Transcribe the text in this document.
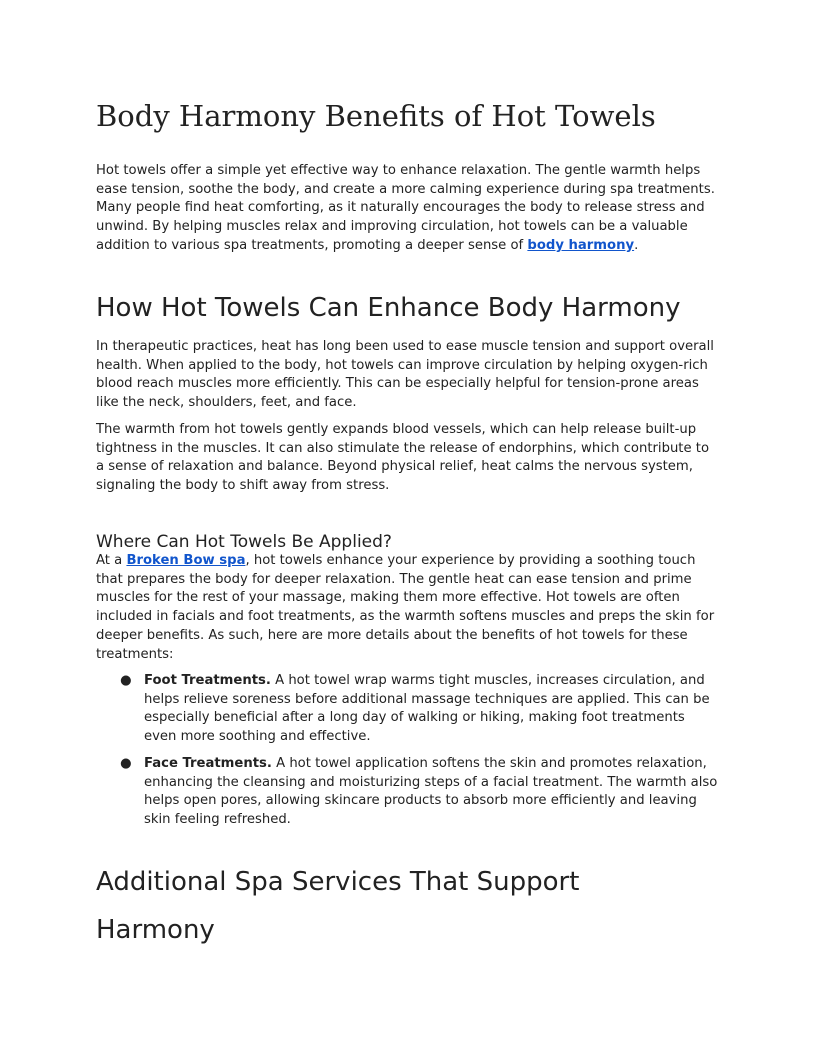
Body Harmony Benefits of Hot Towels

Hot towels offer a simple yet effective way to enhance relaxation. The gentle warmth helps ease tension, soothe the body, and create a more calming experience during spa treatments. Many people find heat comforting, as it naturally encourages the body to release stress and unwind. By helping muscles relax and improving circulation, hot towels can be a valuable addition to various spa treatments, promoting a deeper sense of body harmony.

How Hot Towels Can Enhance Body Harmony

In therapeutic practices, heat has long been used to ease muscle tension and support overall health. When applied to the body, hot towels can improve circulation by helping oxygen-rich blood reach muscles more efficiently. This can be especially helpful for tension-prone areas like the neck, shoulders, feet, and face.

The warmth from hot towels gently expands blood vessels, which can help release built-up tightness in the muscles. It can also stimulate the release of endorphins, which contribute to a sense of relaxation and balance. Beyond physical relief, heat calms the nervous system, signaling the body to shift away from stress.

Where Can Hot Towels Be Applied?

At a Broken Bow spa, hot towels enhance your experience by providing a soothing touch that prepares the body for deeper relaxation. The gentle heat can ease tension and prime muscles for the rest of your massage, making them more effective. Hot towels are often included in facials and foot treatments, as the warmth softens muscles and preps the skin for deeper benefits. As such, here are more details about the benefits of hot towels for these treatments:

● Foot Treatments. A hot towel wrap warms tight muscles, increases circulation, and helps relieve soreness before additional massage techniques are applied. This can be especially beneficial after a long day of walking or hiking, making foot treatments even more soothing and effective.
● Face Treatments. A hot towel application softens the skin and promotes relaxation, enhancing the cleansing and moisturizing steps of a facial treatment. The warmth also helps open pores, allowing skincare products to absorb more efficiently and leaving skin feeling refreshed.
Additional Spa Services That Support Harmony
